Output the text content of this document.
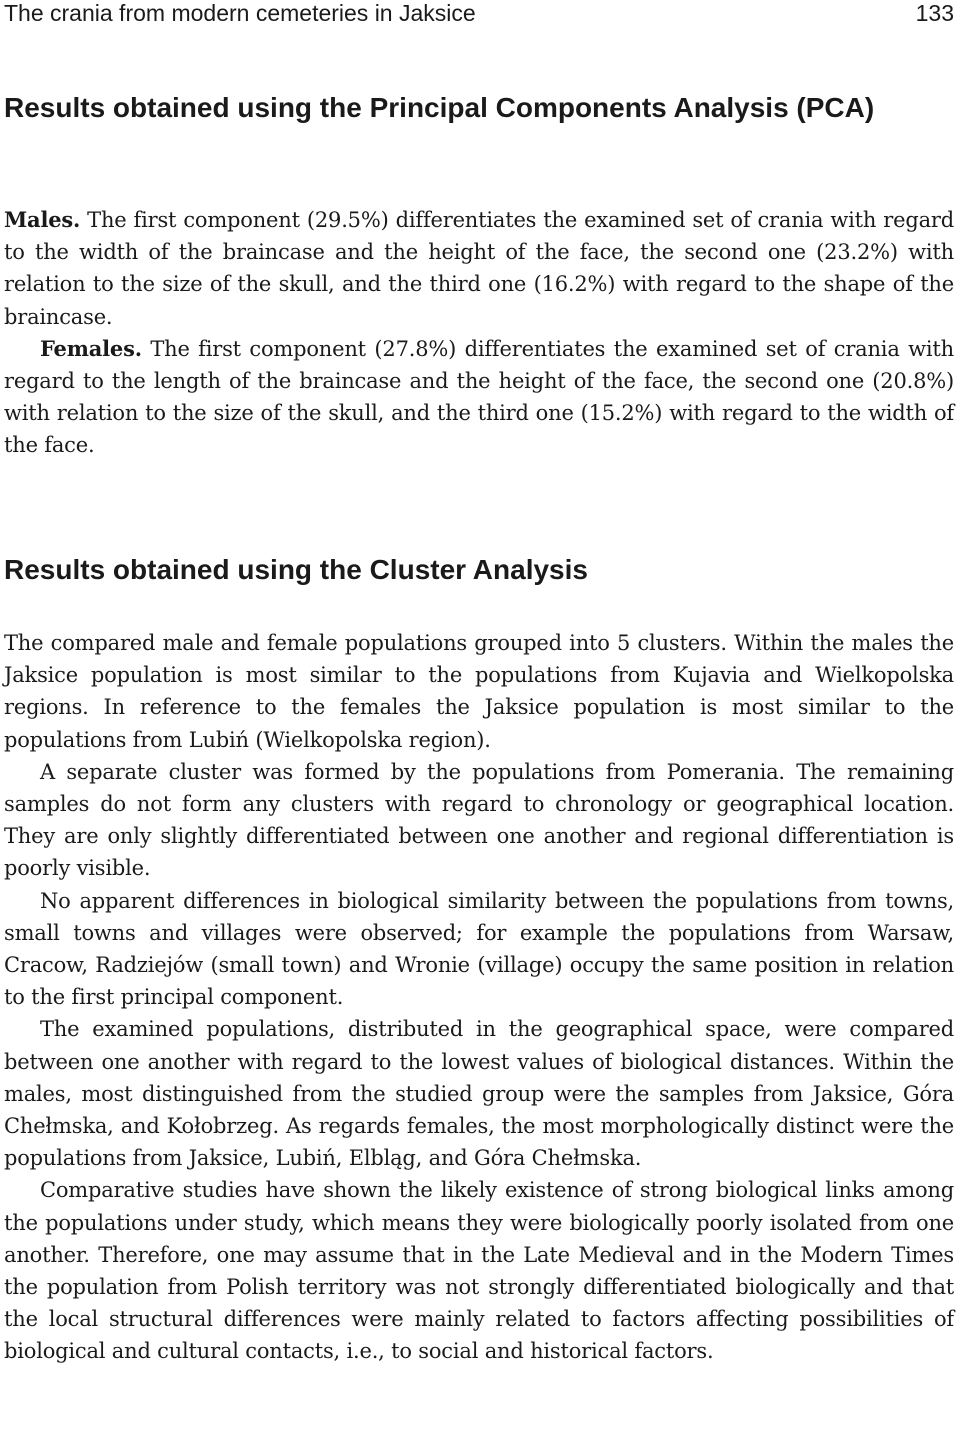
The crania from modern cemeteries in Jaksice	133
Results obtained using the Principal Components Analysis (PCA)

Males. The first component (29.5%) differentiates the examined set of crania with regard to the width of the braincase and the height of the face, the second one (23.2%) with relation to the size of the skull, and the third one (16.2%) with regard to the shape of the braincase.

Females. The first component (27.8%) differentiates the examined set of crania with regard to the length of the braincase and the height of the face, the second one (20.8%) with relation to the size of the skull, and the third one (15.2%) with regard to the width of the face.

Results obtained using the Cluster Analysis

The compared male and female populations grouped into 5 clusters. Within the males the Jaksice population is most similar to the populations from Kujavia and Wielkopolska regions. In reference to the females the Jaksice population is most similar to the populations from Lubiń (Wielkopolska region).

A separate cluster was formed by the populations from Pomerania. The remaining samples do not form any clusters with regard to chronology or geographical location. They are only slightly differentiated between one another and regional differentiation is poorly visible.

No apparent differences in biological similarity between the populations from towns, small towns and villages were observed; for example the populations from Warsaw, Cracow, Radziejów (small town) and Wronie (village) occupy the same position in relation to the first principal component.

The examined populations, distributed in the geographical space, were compared between one another with regard to the lowest values of biological distances. Within the males, most distinguished from the studied group were the samples from Jaksice, Góra Chełmska, and Kołobrzeg. As regards females, the most morphologically distinct were the populations from Jaksice, Lubiń, Elbląg, and Góra Chełmska.

Comparative studies have shown the likely existence of strong biological links among the populations under study, which means they were biologically poorly isolated from one another. Therefore, one may assume that in the Late Medieval and in the Modern Times the population from Polish territory was not strongly differentiated biologically and that the local structural differences were mainly related to factors affecting possibilities of biological and cultural contacts, i.e., to social and historical factors.
